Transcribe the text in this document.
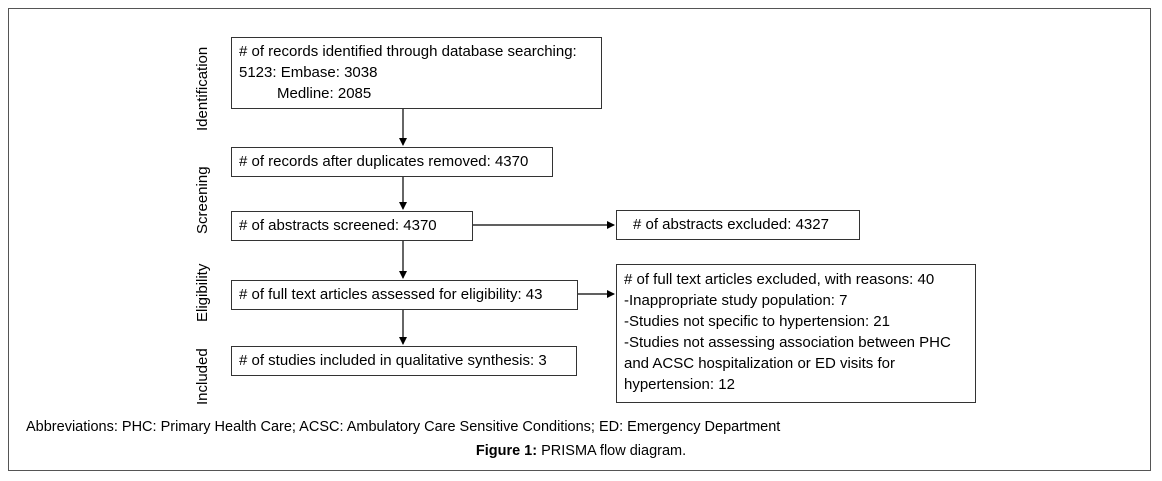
Identification
Screening
Eligibility
Included
# of records identified through database searching:
5123: Embase: 3038
Medline: 2085
# of records after duplicates removed: 4370
# of abstracts screened: 4370	# of abstracts excluded: 4327
# of full text articles assessed for eligibility: 43
# of full text articles excluded, with reasons: 40
-Inappropriate study population: 7
-Studies not specific to hypertension: 21
-Studies not assessing association between PHC
and ACSC hospitalization or ED visits for
hypertension: 12
# of studies included in qualitative synthesis: 3
Abbreviations: PHC: Primary Health Care; ACSC: Ambulatory Care Sensitive Conditions; ED: Emergency Department
Figure 1: PRISMA flow diagram.
